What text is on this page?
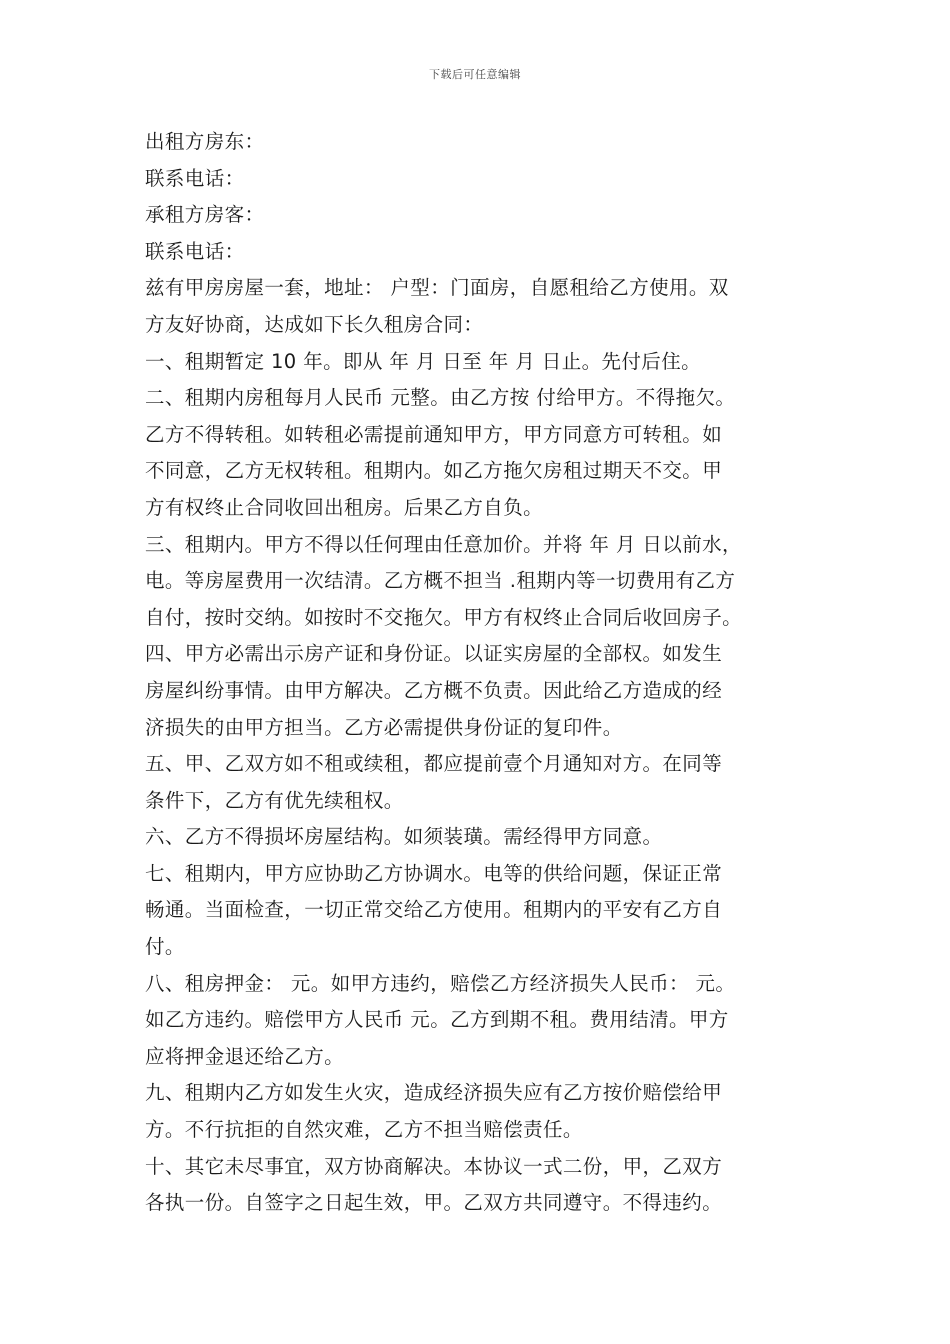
下载后可任意编辑
出租方房东：
联系电话：
承租方房客：
联系电话：
兹有甲房房屋一套，地址： 户型：门面房，自愿租给乙方使用。双
方友好协商，达成如下长久租房合同：
一、租期暂定 10 年。即从 年 月 日至 年 月 日止。先付后住。
二、租期内房租每月人民币 元整。由乙方按 付给甲方。不得拖欠。
乙方不得转租。如转租必需提前通知甲方，甲方同意方可转租。如
不同意，乙方无权转租。租期内。如乙方拖欠房租过期天不交。甲
方有权终止合同收回出租房。后果乙方自负。
三、租期内。甲方不得以任何理由任意加价。并将 年 月 日以前水，
电。等房屋费用一次结清。乙方概不担当 .租期内等一切费用有乙方
自付，按时交纳。如按时不交拖欠。甲方有权终止合同后收回房子。
四、甲方必需出示房产证和身份证。以证实房屋的全部权。如发生
房屋纠纷事情。由甲方解决。乙方概不负责。因此给乙方造成的经
济损失的由甲方担当。乙方必需提供身份证的复印件。
五、甲、乙双方如不租或续租，都应提前壹个月通知对方。在同等
条件下，乙方有优先续租权。
六、乙方不得损坏房屋结构。如须装璜。需经得甲方同意。
七、租期内，甲方应协助乙方协调水。电等的供给问题，保证正常
畅通。当面检查，一切正常交给乙方使用。租期内的平安有乙方自
付。
八、租房押金： 元。如甲方违约，赔偿乙方经济损失人民币： 元。
如乙方违约。赔偿甲方人民币 元。乙方到期不租。费用结清。甲方
应将押金退还给乙方。
九、租期内乙方如发生火灾，造成经济损失应有乙方按价赔偿给甲
方。不行抗拒的自然灾难，乙方不担当赔偿责任。
十、其它未尽事宜，双方协商解决。本协议一式二份，甲，乙双方
各执一份。自签字之日起生效，甲。乙双方共同遵守。不得违约。
